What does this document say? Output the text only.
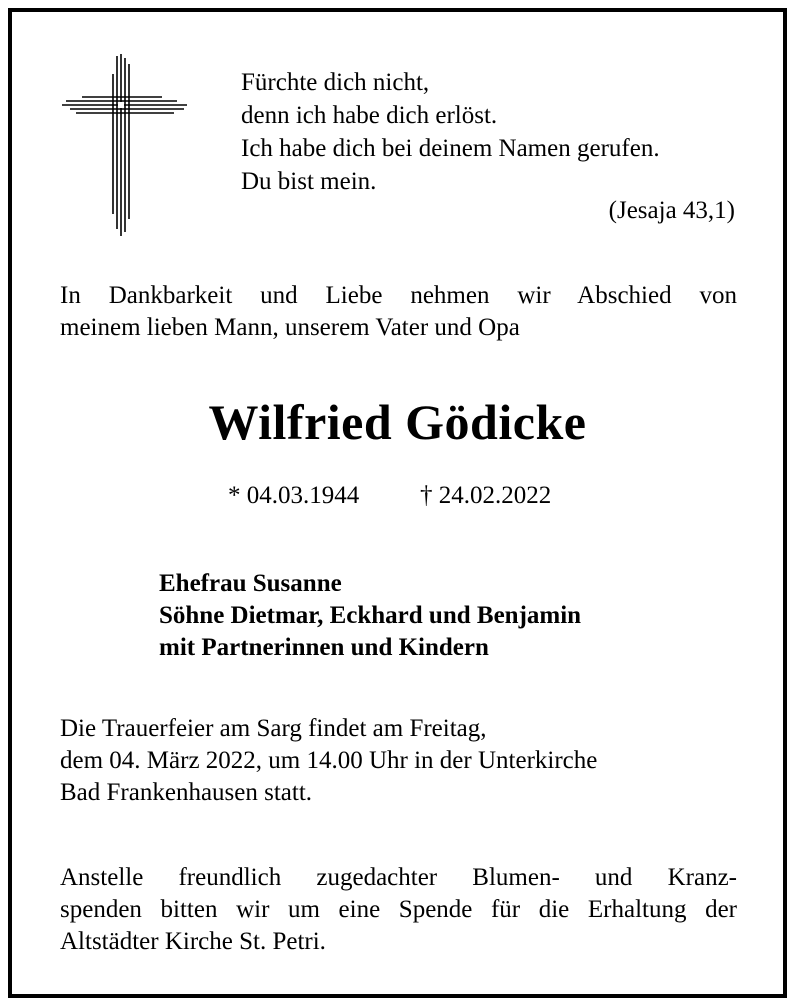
Fürchte dich nicht,
denn ich habe dich erlöst.
Ich habe dich bei deinem Namen gerufen.
Du bist mein.
(Jesaja 43,1)
In Dankbarkeit und Liebe nehmen wir Abschied von
meinem lieben Mann, unserem Vater und Opa
Wilfried Gödicke
* 04.03.1944 † 24.02.2022
Ehefrau Susanne
Söhne Dietmar, Eckhard und Benjamin
mit Partnerinnen und Kindern
Die Trauerfeier am Sarg findet am Freitag,
dem 04. März 2022, um 14.00 Uhr in der Unterkirche
Bad Frankenhausen statt.
Anstelle freundlich zugedachter Blumen- und Kranz-
spenden bitten wir um eine Spende für die Erhaltung der
Altstädter Kirche St. Petri.
